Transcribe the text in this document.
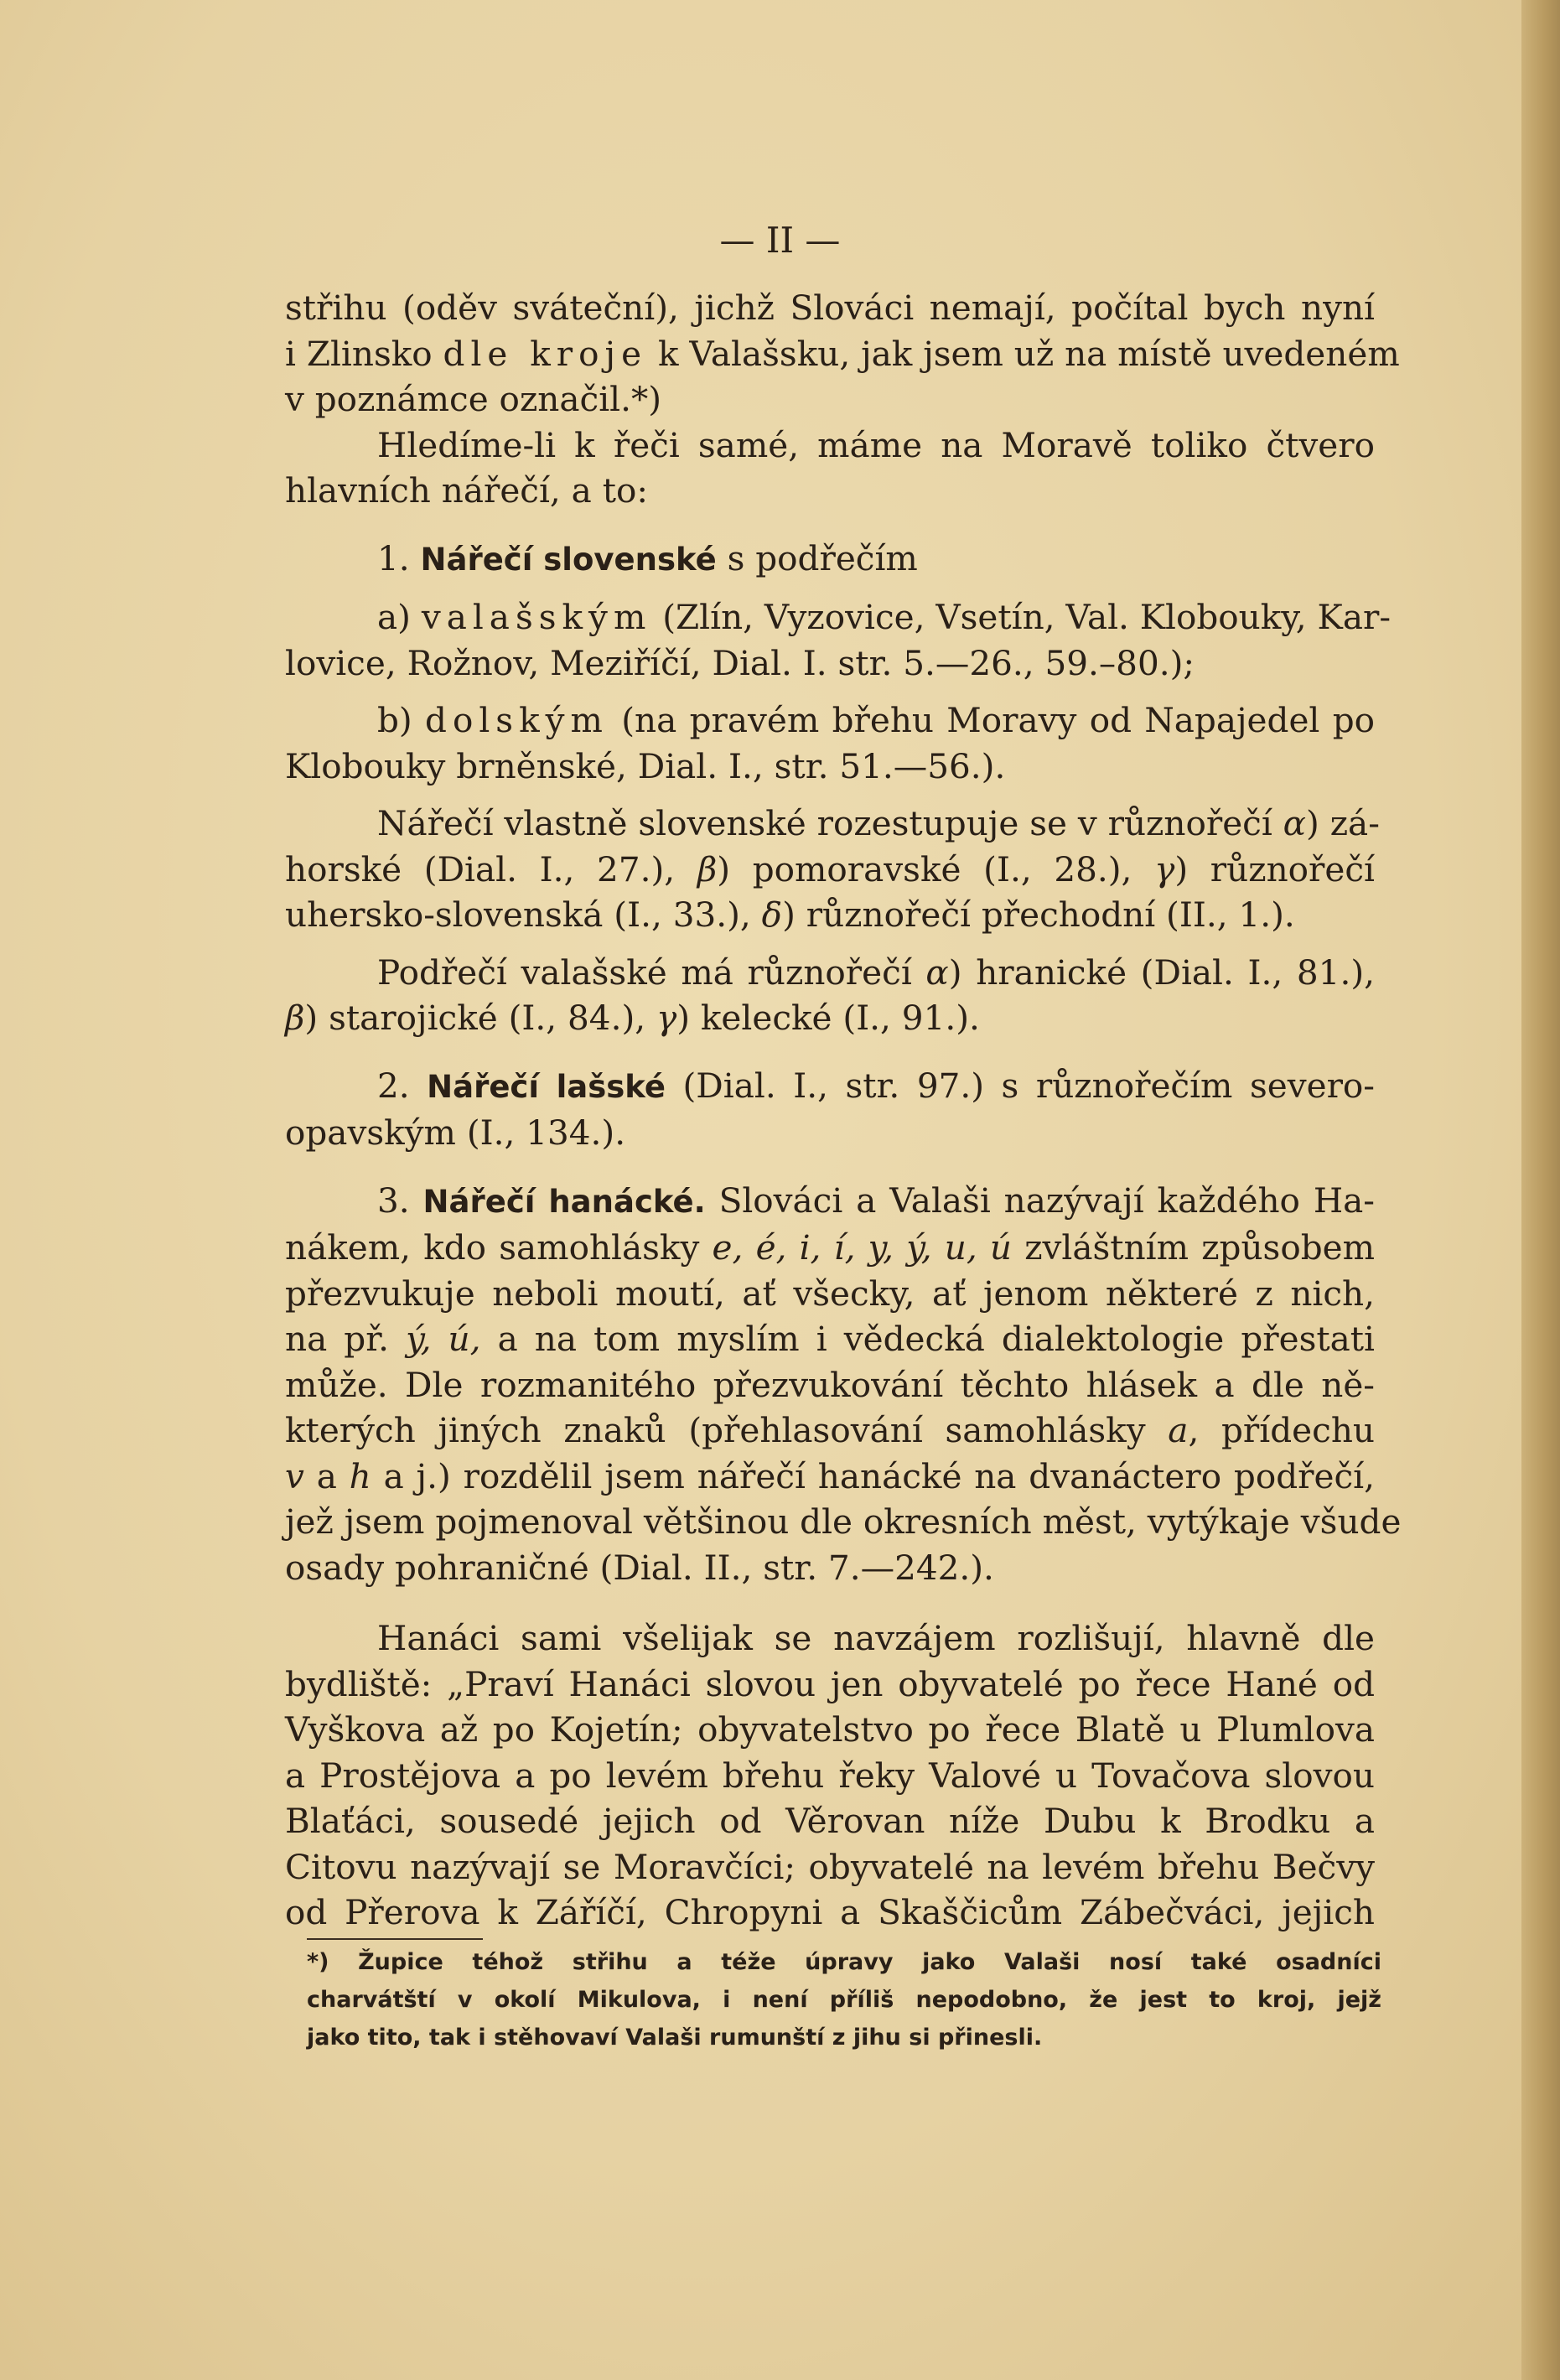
— II —
střihu (oděv sváteční), jichž Slováci nemají, počítal bych nyní
i Zlinsko dle kroje k Valašsku, jak jsem už na místě uvedeném
v poznámce označil.*)
Hledíme-li k řeči samé, máme na Moravě toliko čtvero
hlavních nářečí, a to:
1. Nářečí slovenské s podřečím
a) valašským (Zlín, Vyzovice, Vsetín, Val. Klobouky, Kar-
lovice, Rožnov, Meziříčí, Dial. I. str. 5.—26., 59.–80.);
b) dolským (na pravém břehu Moravy od Napajedel po
Klobouky brněnské, Dial. I., str. 51.—56.).
Nářečí vlastně slovenské rozestupuje se v různořečí α) zá-
horské (Dial. I., 27.), β) pomoravské (I., 28.), γ) různořečí
uhersko-slovenská (I., 33.), δ) různořečí přechodní (II., 1.).
Podřečí valašské má různořečí α) hranické (Dial. I., 81.),
β) starojické (I., 84.), γ) kelecké (I., 91.).
2. Nářečí lašské (Dial. I., str. 97.) s různořečím severo-
opavským (I., 134.).
3. Nářečí hanácké. Slováci a Valaši nazývají každého Ha-
nákem, kdo samohlásky e, é, i, í, y, ý, u, ú zvláštním způsobem
přezvukuje neboli moutí, ať všecky, ať jenom některé z nich,
na př. ý, ú, a na tom myslím i vědecká dialektologie přestati
může. Dle rozmanitého přezvukování těchto hlásek a dle ně-
kterých jiných znaků (přehlasování samohlásky a, přídechu
v a h a j.) rozdělil jsem nářečí hanácké na dvanáctero podřečí,
jež jsem pojmenoval většinou dle okresních měst, vytýkaje všude
osady pohraničné (Dial. II., str. 7.—242.).
Hanáci sami všelijak se navzájem rozlišují, hlavně dle
bydliště: „Praví Hanáci slovou jen obyvatelé po řece Hané od
Vyškova až po Kojetín; obyvatelstvo po řece Blatě u Plumlova
a Prostějova a po levém břehu řeky Valové u Tovačova slovou
Blaťáci, sousedé jejich od Věrovan níže Dubu k Brodku a
Citovu nazývají se Moravčíci; obyvatelé na levém břehu Bečvy
od Přerova k Záříčí, Chropyni a Skaščicům Zábečváci, jejich
*) Župice téhož střihu a téže úpravy jako Valaši nosí také osadníci
charvátští v okolí Mikulova, i není příliš nepodobno, že jest to kroj, jejž
jako tito, tak i stěhovaví Valaši rumunští z jihu si přinesli.
